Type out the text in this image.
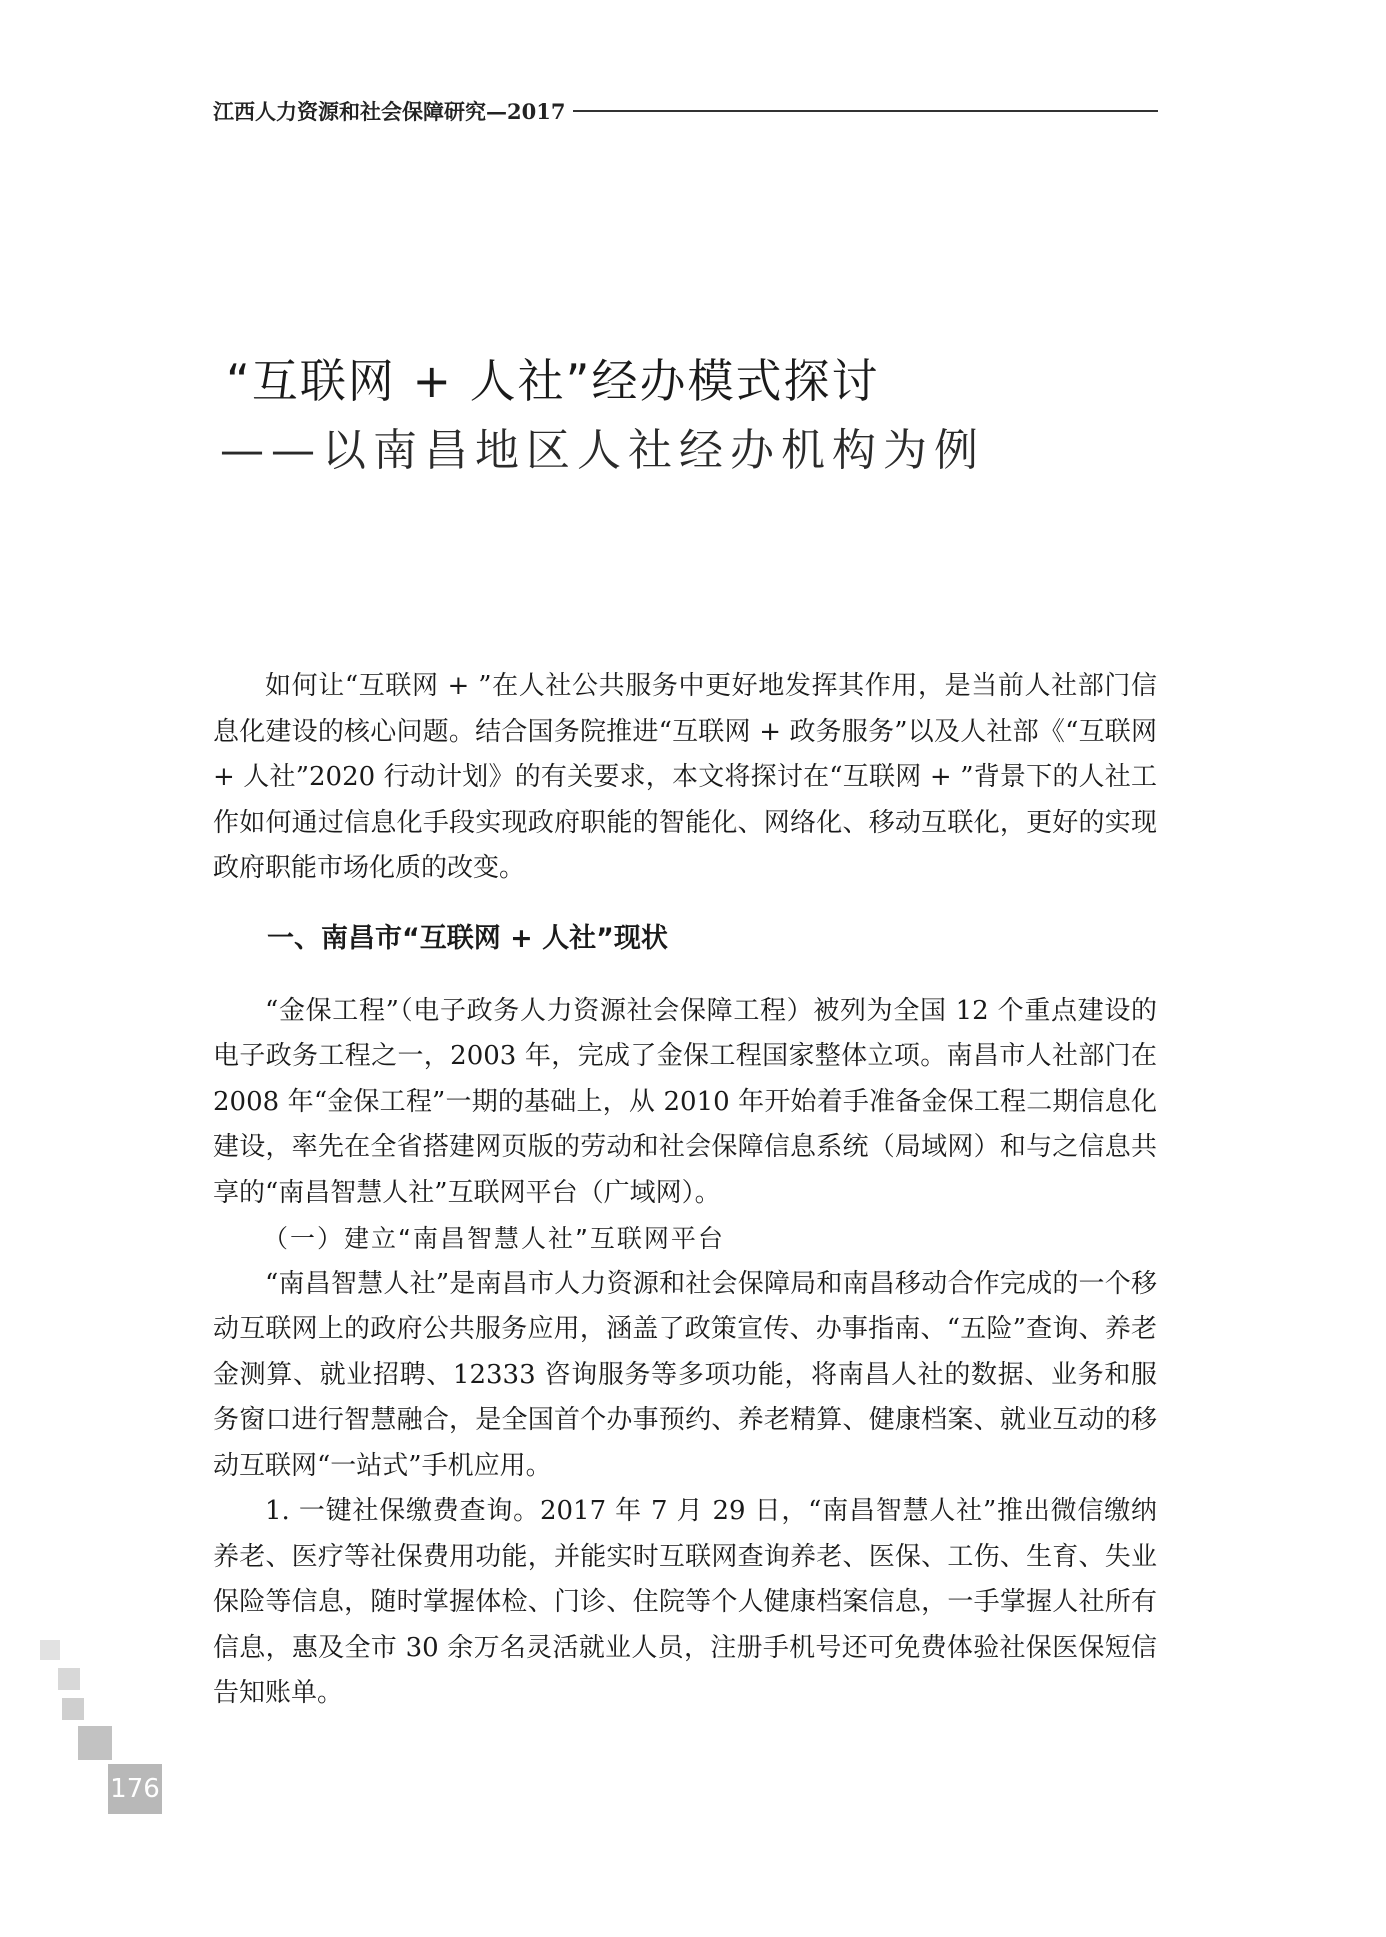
江西人力资源和社会保障研究—2017
“互联网 + 人社”经办模式探讨
——以南昌地区人社经办机构为例

如何让“互联网 + ”在人社公共服务中更好地发挥其作用，是当前人社部门信息化建设的核心问题。结合国务院推进“互联网 + 政务服务”以及人社部《“互联网 + 人社”2020 行动计划》的有关要求，本文将探讨在“互联网 + ”背景下的人社工作如何通过信息化手段实现政府职能的智能化、网络化、移动互联化，更好的实现政府职能市场化质的改变。

一、南昌市“互联网 + 人社”现状

“金保工程”（电子政务人力资源社会保障工程）被列为全国 12 个重点建设的电子政务工程之一，2003 年，完成了金保工程国家整体立项。南昌市人社部门在 2008 年“金保工程”一期的基础上，从 2010 年开始着手准备金保工程二期信息化建设，率先在全省搭建网页版的劳动和社会保障信息系统（局域网）和与之信息共享的“南昌智慧人社”互联网平台（广域网）。

（一）建立“南昌智慧人社”互联网平台

“南昌智慧人社”是南昌市人力资源和社会保障局和南昌移动合作完成的一个移动互联网上的政府公共服务应用，涵盖了政策宣传、办事指南、“五险”查询、养老金测算、就业招聘、12333 咨询服务等多项功能，将南昌人社的数据、业务和服务窗口进行智慧融合，是全国首个办事预约、养老精算、健康档案、就业互动的移动互联网“一站式”手机应用。

1. 一键社保缴费查询。2017 年 7 月 29 日，“南昌智慧人社”推出微信缴纳养老、医疗等社保费用功能，并能实时互联网查询养老、医保、工伤、生育、失业保险等信息，随时掌握体检、门诊、住院等个人健康档案信息，一手掌握人社所有信息，惠及全市 30 余万名灵活就业人员，注册手机号还可免费体验社保医保短信告知账单。

176
